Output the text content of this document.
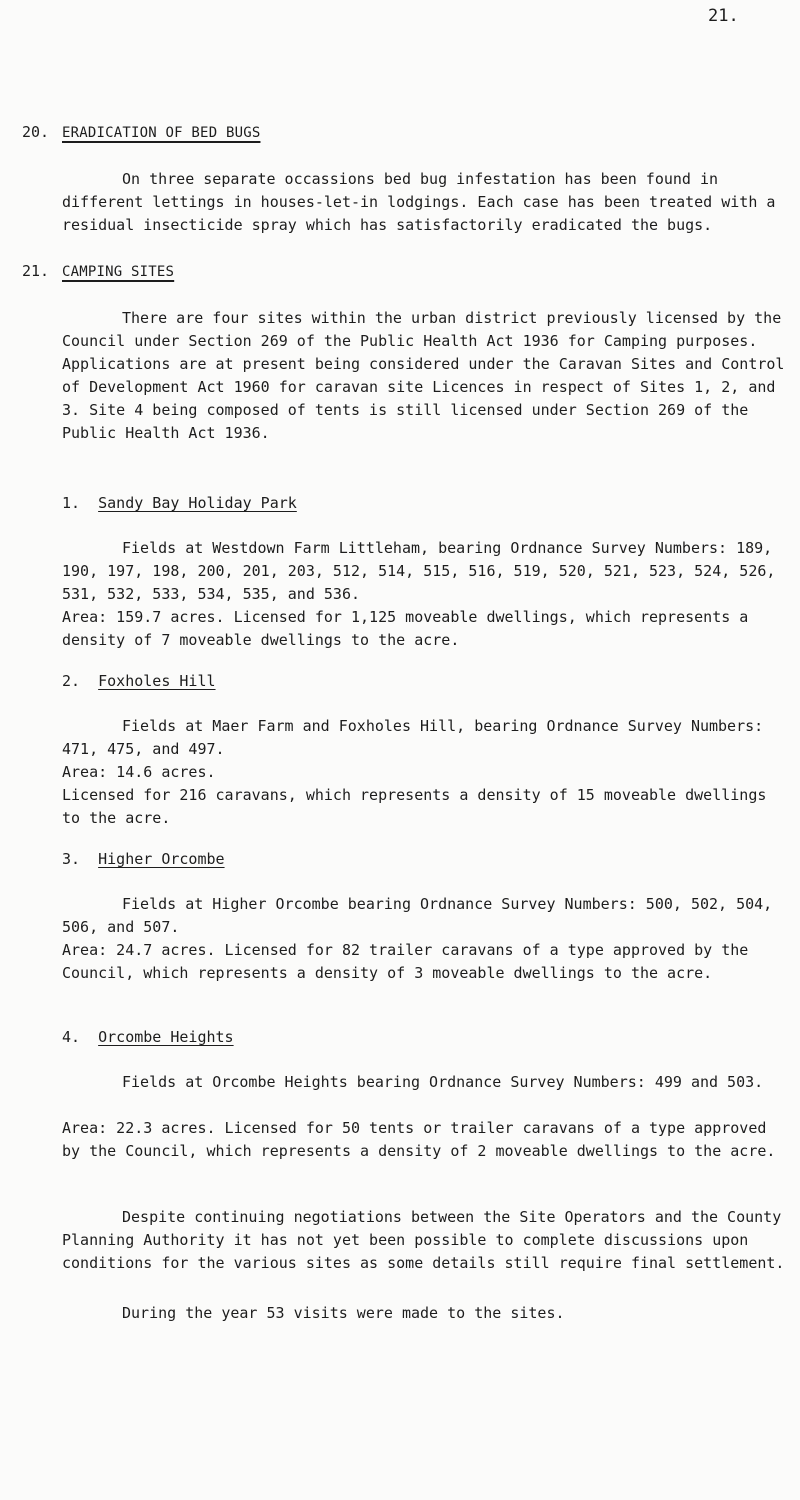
21.
20. ERADICATION OF BED BUGS

On three separate occassions bed bug infestation has been found in different lettings in houses-let-in lodgings. Each case has been treated with a residual insecticide spray which has satisfactorily eradicated the bugs.

21. CAMPING SITES

There are four sites within the urban district previously licensed by the Council under Section 269 of the Public Health Act 1936 for Camping purposes. Applications are at present being considered under the Caravan Sites and Control of Development Act 1960 for caravan site Licences in respect of Sites 1, 2, and 3. Site 4 being composed of tents is still licensed under Section 269 of the Public Health Act 1936.

1. Sandy Bay Holiday Park

Fields at Westdown Farm Littleham, bearing Ordnance Survey Numbers: 189, 190, 197, 198, 200, 201, 203, 512, 514, 515, 516, 519, 520, 521, 523, 524, 526, 531, 532, 533, 534, 535, and 536.

Area: 159.7 acres. Licensed for 1,125 moveable dwellings, which represents a density of 7 moveable dwellings to the acre.

2. Foxholes Hill

Fields at Maer Farm and Foxholes Hill, bearing Ordnance Survey Numbers: 471, 475, and 497.

Area: 14.6 acres.
Licensed for 216 caravans, which represents a density of 15 moveable dwellings to the acre.

3. Higher Orcombe

Fields at Higher Orcombe bearing Ordnance Survey Numbers: 500, 502, 504, 506, and 507.

Area: 24.7 acres. Licensed for 82 trailer caravans of a type approved by the Council, which represents a density of 3 moveable dwellings to the acre.

4. Orcombe Heights

Fields at Orcombe Heights bearing Ordnance Survey Numbers: 499 and 503.

Area: 22.3 acres. Licensed for 50 tents or trailer caravans of a type approved by the Council, which represents a density of 2 moveable dwellings to the acre.

Despite continuing negotiations between the Site Operators and the County Planning Authority it has not yet been possible to complete discussions upon conditions for the various sites as some details still require final settlement.

During the year 53 visits were made to the sites.
